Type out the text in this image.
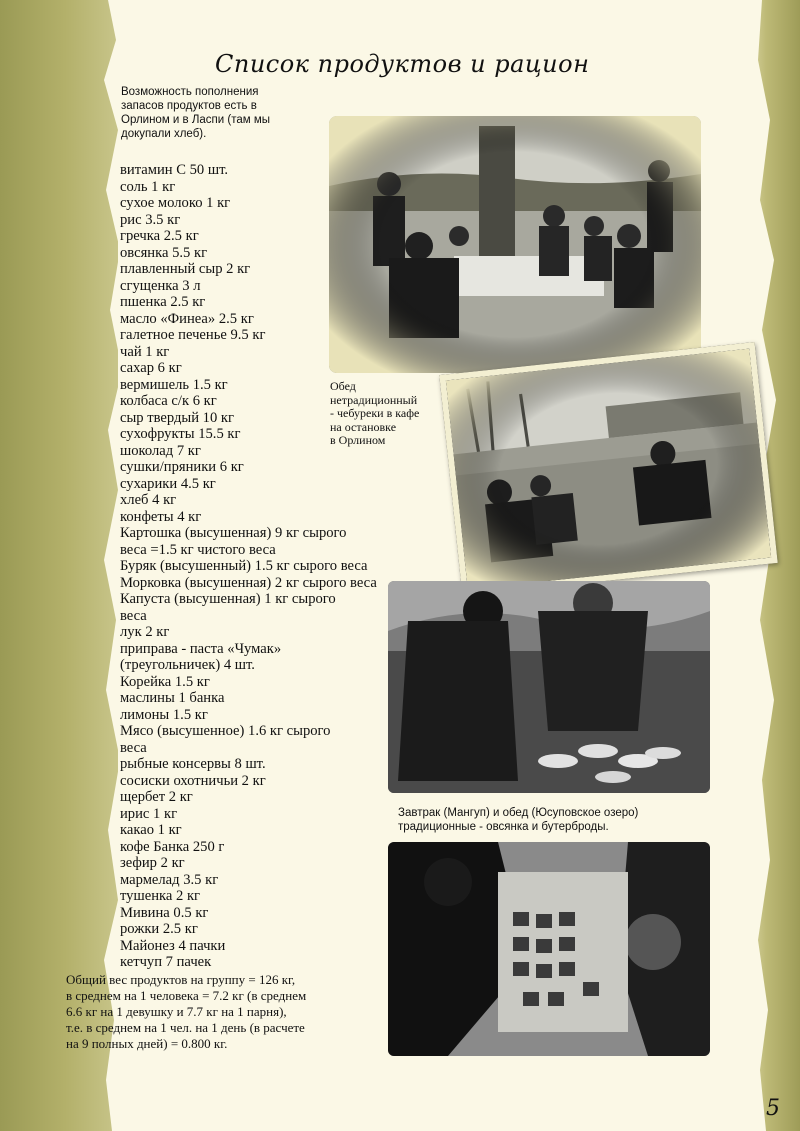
Список продуктов и рацион
Возможность пополнения запасов продуктов есть в Орлином и в Ласпи (там мы докупали хлеб).
витамин С 50 шт.
соль 1 кг
сухое молоко 1 кг
рис 3.5 кг
гречка 2.5 кг
овсянка 5.5 кг
плавленный сыр 2 кг
сгущенка 3 л
пшенка 2.5 кг
масло «Финеа» 2.5 кг
галетное печенье 9.5 кг
чай 1 кг
сахар 6 кг
вермишель 1.5 кг
колбаса с/к 6 кг
сыр твердый 10 кг
сухофрукты 15.5 кг
шоколад 7 кг
сушки/пряники 6 кг
сухарики 4.5 кг
хлеб 4 кг
конфеты 4 кг
Картошка (высушенная) 9 кг сырого
веса =1.5 кг чистого веса
Буряк (высушенный) 1.5 кг сырого веса
Морковка (высушенная) 2 кг сырого веса
Капуста (высушенная) 1 кг сырого
веса
лук 2 кг
приправа - паста «Чумак»
(треугольничек) 4 шт.
Корейка 1.5 кг
маслины 1 банка
лимоны 1.5 кг
Мясо (высушенное) 1.6 кг сырого
веса
рыбные консервы 8 шт.
сосиски охотничьи 2 кг
щербет 2 кг
ирис 1 кг
какао 1 кг
кофе Банка 250 г
зефир 2 кг
мармелад 3.5 кг
тушенка 2 кг
Мивина 0.5 кг
рожки 2.5 кг
Майонез 4 пачки
кетчуп 7 пачек
Общий вес продуктов на группу = 126 кг,
в среднем на 1 человека = 7.2 кг (в среднем
6.6 кг на 1 девушку и 7.7 кг на 1 парня),
т.е. в среднем на 1 чел. на 1 день (в расчете
на 9 полных дней) = 0.800 кг.
Обед
нетрадиционный
- чебуреки в кафе
на остановке
в Орлином
Завтрак (Мангуп) и обед (Юсуповское озеро) традиционные - овсянка и бутерброды.
5
